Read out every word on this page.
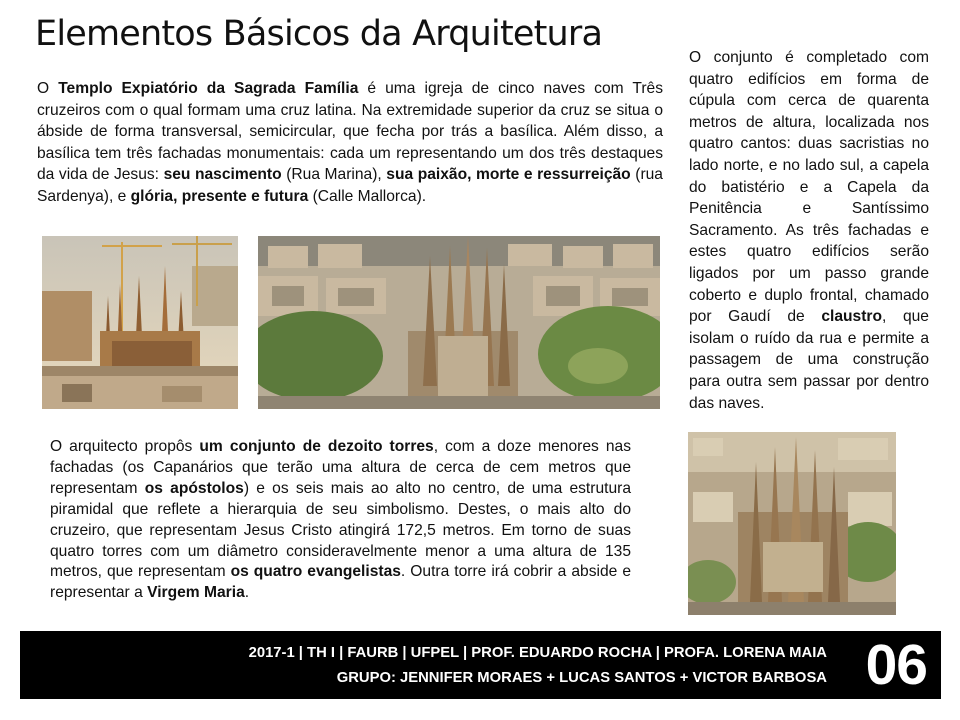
Elementos Básicos da Arquitetura

O Templo Expiatório da Sagrada Família é uma igreja de cinco naves com Três cruzeiros com o qual formam uma cruz latina. Na extremidade superior da cruz se situa o ábside de forma transversal, semicircular, que fecha por trás a basílica. Além disso, a basílica tem três fachadas monumentais: cada um representando um dos três destaques da vida de Jesus: seu nascimento (Rua Marina), sua paixão, morte e ressurreição (rua Sardenya), e glória, presente e futura (Calle Mallorca).

O conjunto é completado com quatro edifícios em forma de cúpula com cerca de quarenta metros de altura, localizada nos quatro cantos: duas sacristias no lado norte, e no lado sul, a capela do batistério e a Capela da Penitência e Santíssimo Sacramento. As três fachadas e estes quatro edifícios serão ligados por um passo grande coberto e duplo frontal, chamado por Gaudí de claustro, que isolam o ruído da rua e permite a passagem de uma construção para outra sem passar por dentro das naves.

O arquitecto propôs um conjunto de dezoito torres, com a doze menores nas fachadas (os Capanários que terão uma altura de cerca de cem metros que representam os apóstolos) e os seis mais ao alto no centro, de uma estrutura piramidal que reflete a hierarquia de seu simbolismo. Destes, o mais alto do cruzeiro, que representam Jesus Cristo atingirá 172,5 metros. Em torno de suas quatro torres com um diâmetro consideravelmente menor a uma altura de 135 metros, que representam os quatro evangelistas. Outra torre irá cobrir a abside e representar a Virgem Maria.

2017-1 | TH I | FAURB | UFPEL | PROF. EDUARDO ROCHA | PROFA. LORENA MAIA
GRUPO: JENNIFER MORAES + LUCAS SANTOS + VICTOR BARBOSA 06
